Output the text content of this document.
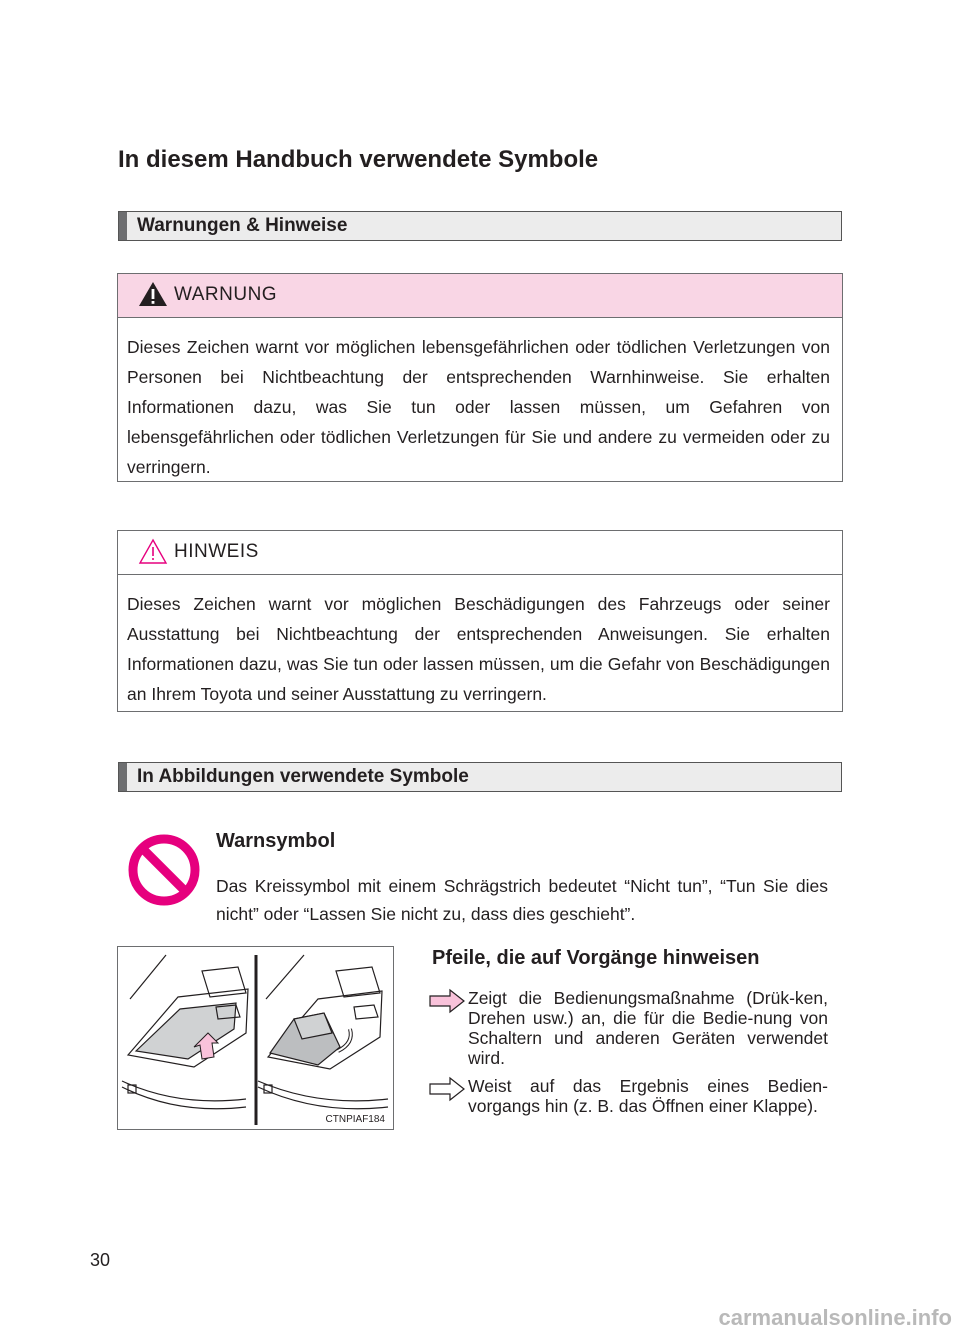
In diesem Handbuch verwendete Symbole
Warnungen & Hinweise
WARNUNG
Dieses Zeichen warnt vor möglichen lebensgefährlichen oder tödlichen Verletzungen von Personen bei Nichtbeachtung der entsprechenden Warnhinweise. Sie erhalten Informationen dazu, was Sie tun oder lassen müssen, um Gefahren von lebensgefährlichen oder tödlichen Verletzungen für Sie und andere zu vermeiden oder zu verringern.
HINWEIS
Dieses Zeichen warnt vor möglichen Beschädigungen des Fahrzeugs oder seiner Ausstattung bei Nichtbeachtung der entsprechenden Anweisungen. Sie erhalten Informationen dazu, was Sie tun oder lassen müssen, um die Gefahr von Beschädigungen an Ihrem Toyota und seiner Ausstattung zu verringern.
In Abbildungen verwendete Symbole
Warnsymbol
Das Kreissymbol mit einem Schrägstrich bedeutet “Nicht tun”, “Tun Sie dies nicht” oder “Lassen Sie nicht zu, dass dies geschieht”.
CTNPIAF184
Pfeile, die auf Vorgänge hinweisen
Zeigt die Bedienungsmaßnahme (Drük-ken, Drehen usw.) an, die für die Bedie-nung von Schaltern und anderen Geräten verwendet wird.
Weist auf das Ergebnis eines Bedien-vorgangs hin (z. B. das Öffnen einer Klappe).
30
carmanualsonline.info
